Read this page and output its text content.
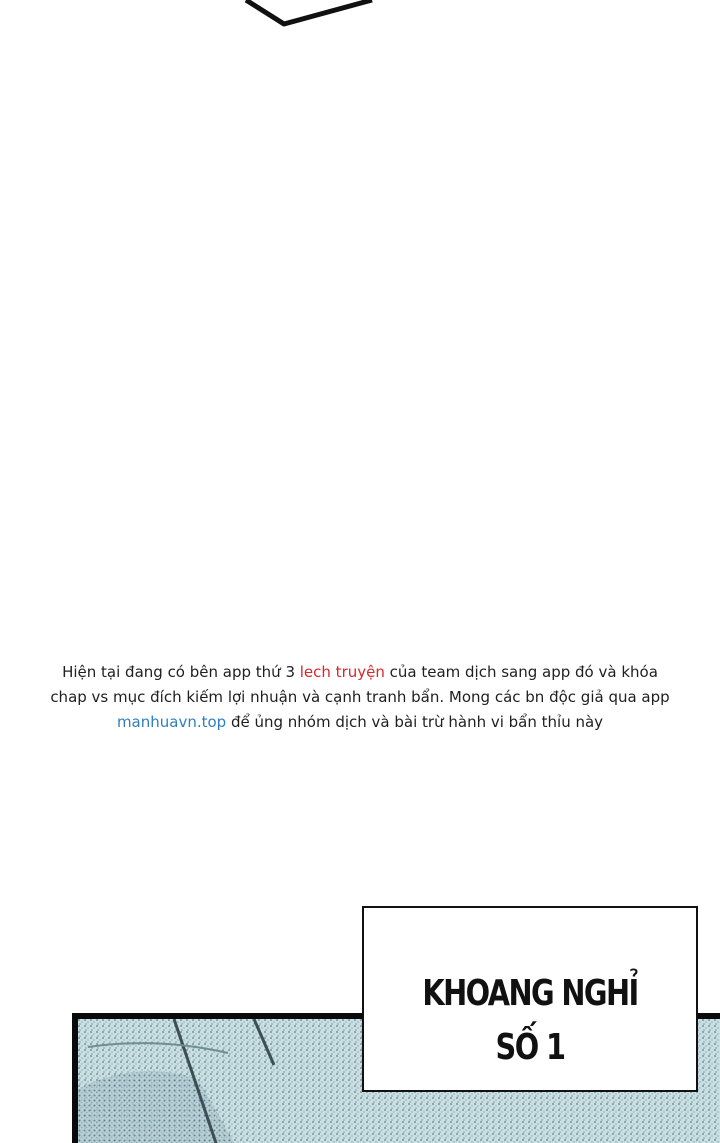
Hiện tại đang có bên app thứ 3 lech truyện của team dịch sang app đó và khóa
chap vs mục đích kiếm lợi nhuận và cạnh tranh bẩn. Mong các bn độc giả qua app
manhuavn.top để ủng nhóm dịch và bài trừ hành vi bẩn thỉu này
KHOANG NGHỈ
SỐ 1
